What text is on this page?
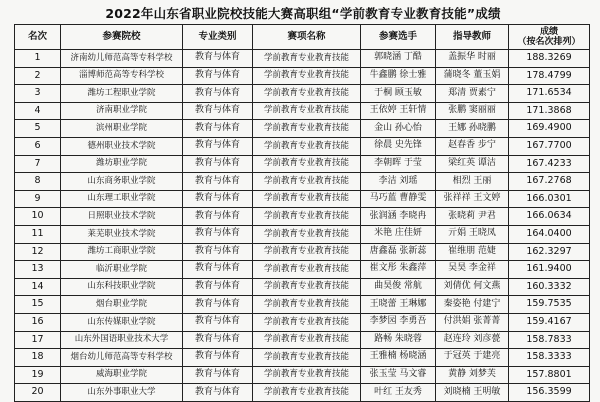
2022年山东省职业院校技能大赛高职组“学前教育专业教育技能”成绩
名次	参赛院校	专业类别	赛项名称	参赛选手	指导教师	成绩
（按名次排列）

1	济南幼儿师范高等专科学校	教育与体育	学前教育专业教育技能	郭晓涵 丁酷	盖振华 时丽	188.3269
2	淄博师范高等专科学校	教育与体育	学前教育专业教育技能	牛鑫鹏 徐士雅	蒲晓冬 董玉娟	178.4799
3	潍坊工程职业学院	教育与体育	学前教育专业教育技能	于桐 顾玉敏	郑清 贾素宁	171.6534
4	济南职业学院	教育与体育	学前教育专业教育技能	王依婷 王轩情	张鹏 窦丽丽	171.3868
5	滨州职业学院	教育与体育	学前教育专业教育技能	金山 孙心怡	王娜 孙晓鹏	169.4900
6	德州职业技术学院	教育与体育	学前教育专业教育技能	徐晨 史先锋	赵春香 步宁	167.7700
7	潍坊职业学院	教育与体育	学前教育专业教育技能	李朝晖 于莹	梁红英 谭洁	167.4233
8	山东商务职业学院	教育与体育	学前教育专业教育技能	李洁 刘瑶	相烈 王丽	167.2768
9	山东理工职业学院	教育与体育	学前教育专业教育技能	马巧蓝 曹静雯	张祥祥 王文婷	166.0301
10	日照职业技术学院	教育与体育	学前教育专业教育技能	张润涵 李晓冉	张晓莉 尹君	166.0634
11	莱芜职业技术学院	教育与体育	学前教育专业教育技能	米艳 庄佳妍	亓娟 王晓凤	164.0400
12	潍坊工商职业学院	教育与体育	学前教育专业教育技能	唐鑫磊 张新蕊	崔维朋 范婕	162.3297
13	临沂职业学院	教育与体育	学前教育专业教育技能	崔文彤 朱鑫萍	吴昊 李金祥	161.9400
14	山东科技职业学院	教育与体育	学前教育专业教育技能	曲昊俊 常航	刘倩优 何文燕	160.3332
15	烟台职业学院	教育与体育	学前教育专业教育技能	王晓蕾 王琳娜	秦姿艳 付建宁	159.7535
16	山东传媒职业学院	教育与体育	学前教育专业教育技能	李梦园 李勇吾	付洪娟 张菁菁	159.4167
17	山东外国语职业技术大学	教育与体育	学前教育专业教育技能	路畅 朱晓蓉	赵连玲 刘彦甍	158.7833
18	烟台幼儿师范高等专科学校	教育与体育	学前教育专业教育技能	王雅楠 杨晓涵	于冠英 于建亮	158.3333
19	威海职业学院	教育与体育	学前教育专业教育技能	张玉莹 马文睿	黄静 刘梦芙	157.8801
20	山东外事职业大学	教育与体育	学前教育专业教育技能	叶红 王友秀	刘晓楠 王明敏	156.3599
